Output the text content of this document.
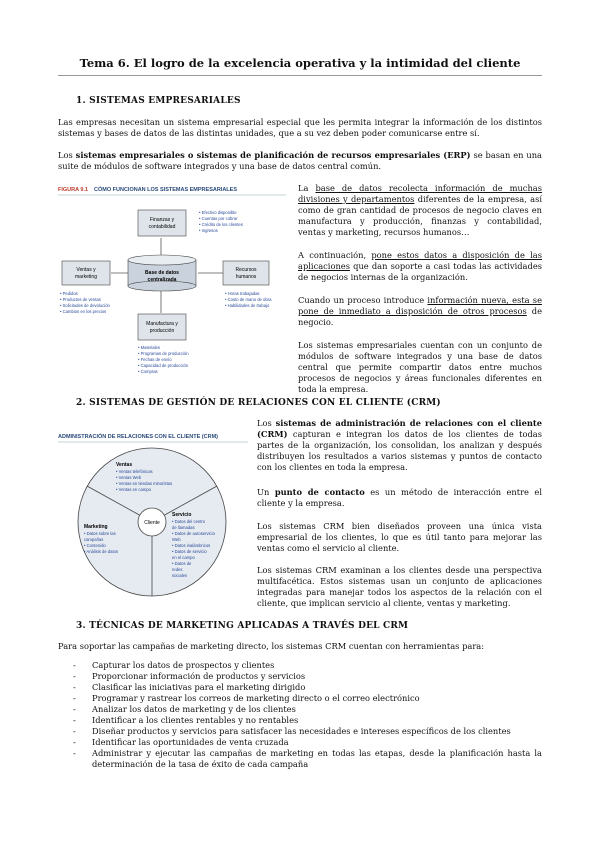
Tema 6. El logro de la excelencia operativa y la intimidad del cliente
1. SISTEMAS EMPRESARIALES
Las empresas necesitan un sistema empresarial especial que les permita integrar la información de los distintos sistemas y bases de datos de las distintas unidades, que a su vez deben poder comunicarse entre sí.
Los sistemas empresariales o sistemas de planificación de recursos empresariales (ERP) se basan en una suite de módulos de software integrados y una base de datos central común.
FIGURA 9.1 CÓMO FUNCIONAN LOS SISTEMAS EMPRESARIALES
Finanzas y
contabilidad
• Efectivo disponible
• Cuentas por cobrar
• Crédito de los clientes
• Ingresos
Ventas y
marketing
• Pedidos
• Productos de ventas
• Solicitudes de devolución
• Cambios en los precios
Base de datos
centralizada
Recursos
humanos
• Horas trabajadas
• Costo de mano de obra
• Habilidades de trabajo
Manufactura y
producción
• Materiales
• Programas de producción
• Fechas de envío
• Capacidad de producción
• Compras
La base de datos recolecta información de muchas divisiones y departamentos diferentes de la empresa, así como de gran cantidad de procesos de negocio claves en manufactura y producción, finanzas y contabilidad, ventas y marketing, recursos humanos…
A continuación, pone estos datos a disposición de las aplicaciones que dan soporte a casi todas las actividades de negocios internas de la organización.
Cuando un proceso introduce información nueva, esta se pone de inmediato a disposición de otros procesos de negocio.
Los sistemas empresariales cuentan con un conjunto de módulos de software integrados y una base de datos central que permite compartir datos entre muchos procesos de negocios y áreas funcionales diferentes en toda la empresa.
2. SISTEMAS DE GESTIÓN DE RELACIONES CON EL CLIENTE (CRM)
ADMINISTRACIÓN DE RELACIONES CON EL CLIENTE (CRM)
Cliente
Ventas
• Ventas telefónicas
• Ventas Web
• Ventas en tiendas minoristas
• Ventas en campo
Marketing
• Datos sobre las
campañas
• Contenido
• Análisis de datos
Servicio
• Datos del centro
de llamadas
• Datos de autoservicio
Web
• Datos inalámbricos
• Datos de servicio
en el campo
• Datos de
redes
sociales
Los sistemas de administración de relaciones con el cliente (CRM) capturan e integran los datos de los clientes de todas partes de la organización, los consolidan, los analizan y después distribuyen los resultados a varios sistemas y puntos de contacto con los clientes en toda la empresa.
Un punto de contacto es un método de interacción entre el cliente y la empresa.
Los sistemas CRM bien diseñados proveen una única vista empresarial de los clientes, lo que es útil tanto para mejorar las ventas como el servicio al cliente.
Los sistemas CRM examinan a los clientes desde una perspectiva multifacética. Estos sistemas usan un conjunto de aplicaciones integradas para manejar todos los aspectos de la relación con el cliente, que implican servicio al cliente, ventas y marketing.
3. TÉCNICAS DE MARKETING APLICADAS A TRAVÉS DEL CRM
Para soportar las campañas de marketing directo, los sistemas CRM cuentan con herramientas para:
- Capturar los datos de prospectos y clientes
- Proporcionar información de productos y servicios
- Clasificar las iniciativas para el marketing dirigido
- Programar y rastrear los correos de marketing directo o el correo electrónico
- Analizar los datos de marketing y de los clientes
- Identificar a los clientes rentables y no rentables
- Diseñar productos y servicios para satisfacer las necesidades e intereses específicos de los clientes
- Identificar las oportunidades de venta cruzada
- Administrar y ejecutar las campañas de marketing en todas las etapas, desde la planificación hasta la determinación de la tasa de éxito de cada campaña
